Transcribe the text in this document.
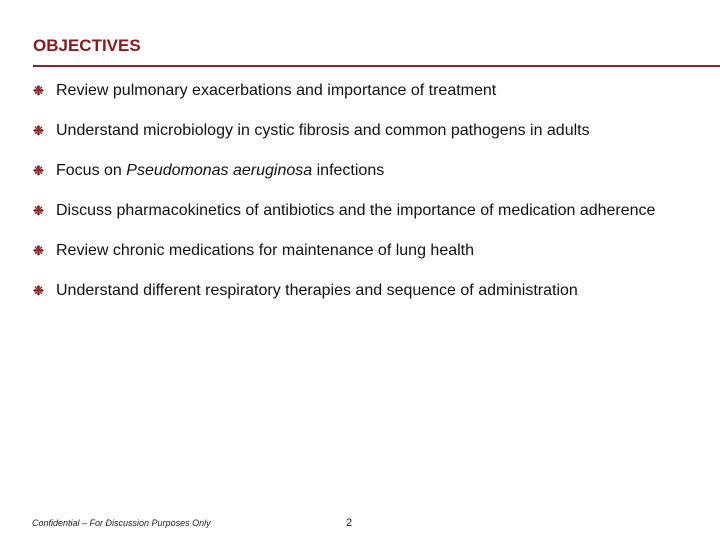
OBJECTIVES
❉ Review pulmonary exacerbations and importance of treatment
❉ Understand microbiology in cystic fibrosis and common pathogens in adults
❉ Focus on Pseudomonas aeruginosa infections
❉ Discuss pharmacokinetics of antibiotics and the importance of medication adherence
❉ Review chronic medications for maintenance of lung health
❉ Understand different respiratory therapies and sequence of administration
Confidential – For Discussion Purposes Only	2
